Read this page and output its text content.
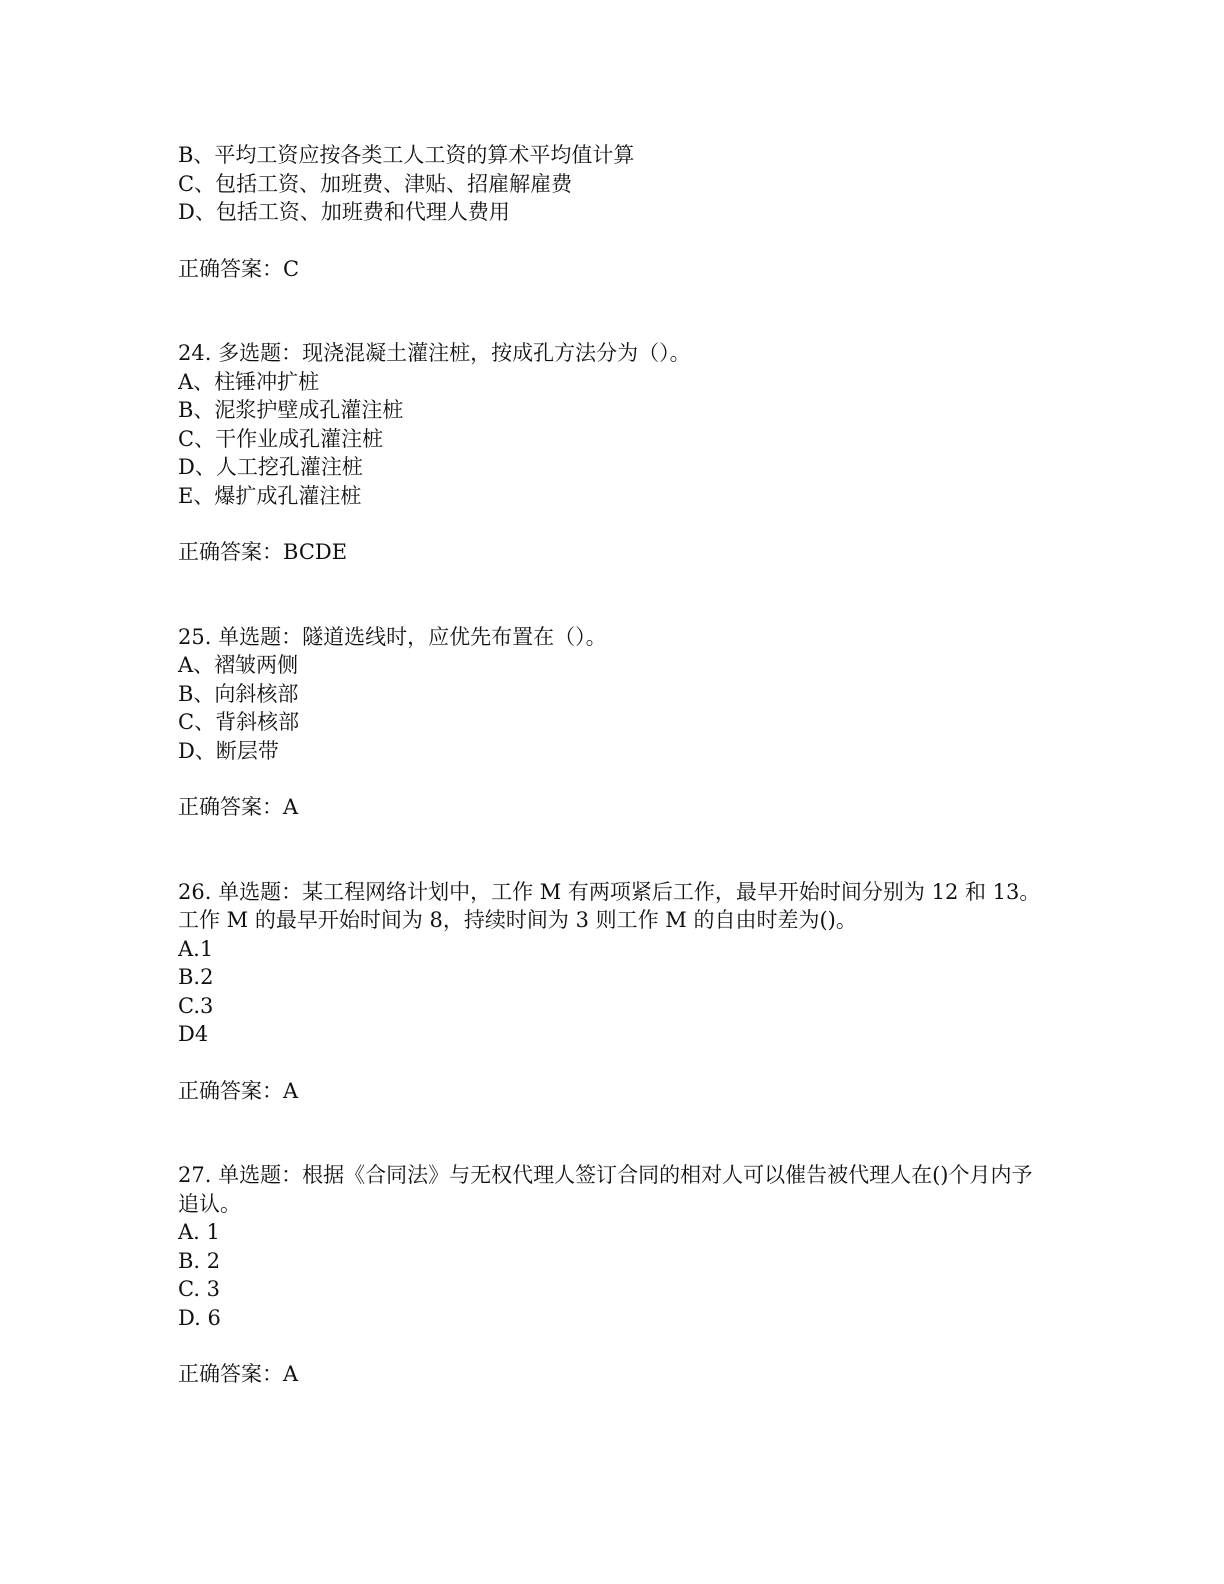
B、平均工资应按各类工人工资的算术平均值计算
C、包括工资、加班费、津贴、招雇解雇费
D、包括工资、加班费和代理人费用
正确答案：C
24. 多选题：现浇混凝土灌注桩，按成孔方法分为（）。
A、柱锤冲扩桩
B、泥浆护壁成孔灌注桩
C、干作业成孔灌注桩
D、人工挖孔灌注桩
E、爆扩成孔灌注桩
正确答案：BCDE
25. 单选题：隧道选线时，应优先布置在（）。
A、褶皱两侧
B、向斜核部
C、背斜核部
D、断层带
正确答案：A
26. 单选题：某工程网络计划中，工作 M 有两项紧后工作，最早开始时间分别为 12 和 13。工作 M 的最早开始时间为 8，持续时间为 3 则工作 M 的自由时差为()。
A.1
B.2
C.3
D4
正确答案：A
27. 单选题：根据《合同法》与无权代理人签订合同的相对人可以催告被代理人在()个月内予追认。
A. 1
B. 2
C. 3
D. 6
正确答案：A
